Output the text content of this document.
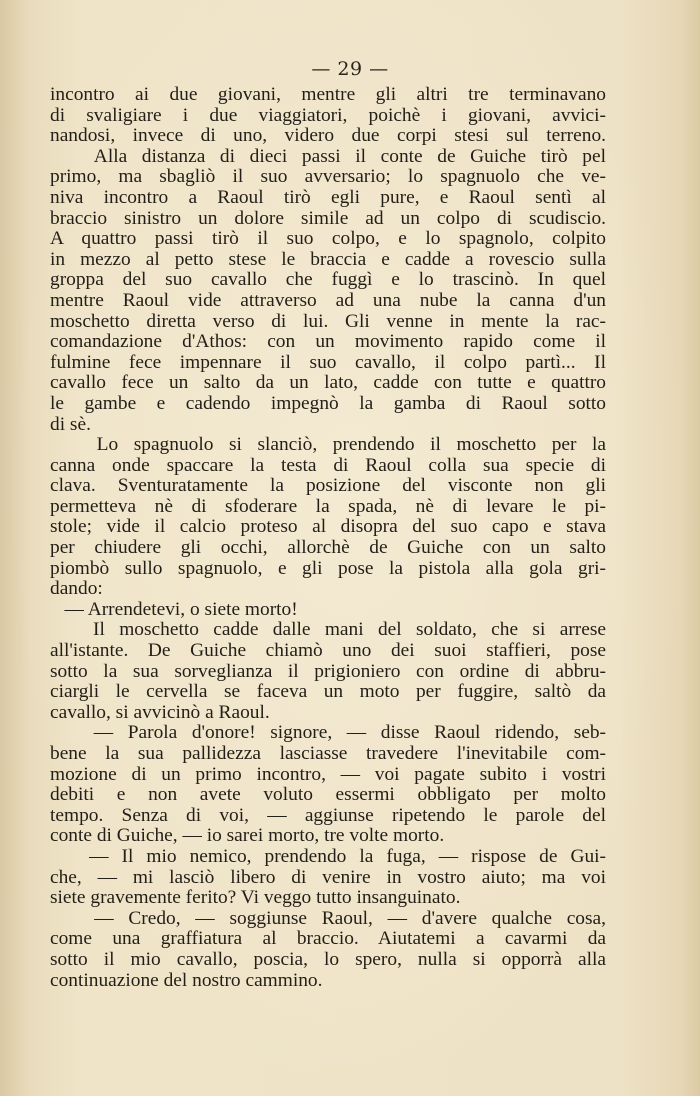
— 29 —

incontro ai due giovani, mentre gli altri tre terminavano

di svaligiare i due viaggiatori, poichè i giovani, avvici-

nandosi, invece di uno, videro due corpi stesi sul terreno.

Alla distanza di dieci passi il conte de Guiche tirò pel

primo, ma sbagliò il suo avversario; lo spagnuolo che ve-

niva incontro a Raoul tirò egli pure, e Raoul sentì al

braccio sinistro un dolore simile ad un colpo di scudiscio.

A quattro passi tirò il suo colpo, e lo spagnolo, colpito

in mezzo al petto stese le braccia e cadde a rovescio sulla

groppa del suo cavallo che fuggì e lo trascinò. In quel

mentre Raoul vide attraverso ad una nube la canna d'un

moschetto diretta verso di lui. Gli venne in mente la rac-

comandazione d'Athos: con un movimento rapido come il

fulmine fece impennare il suo cavallo, il colpo partì... Il

cavallo fece un salto da un lato, cadde con tutte e quattro

le gambe e cadendo impegnò la gamba di Raoul sotto

di sè.

Lo spagnuolo si slanciò, prendendo il moschetto per la

canna onde spaccare la testa di Raoul colla sua specie di

clava. Sventuratamente la posizione del visconte non gli

permetteva nè di sfoderare la spada, nè di levare le pi-

stole; vide il calcio proteso al disopra del suo capo e stava

per chiudere gli occhi, allorchè de Guiche con un salto

piombò sullo spagnuolo, e gli pose la pistola alla gola gri-

dando:

— Arrendetevi, o siete morto!

Il moschetto cadde dalle mani del soldato, che si arrese

all'istante. De Guiche chiamò uno dei suoi staffieri, pose

sotto la sua sorveglianza il prigioniero con ordine di abbru-

ciargli le cervella se faceva un moto per fuggire, saltò da

cavallo, si avvicinò a Raoul.

— Parola d'onore! signore, — disse Raoul ridendo, seb-

bene la sua pallidezza lasciasse travedere l'inevitabile com-

mozione di un primo incontro, — voi pagate subito i vostri

debiti e non avete voluto essermi obbligato per molto

tempo. Senza di voi, — aggiunse ripetendo le parole del

conte di Guiche, — io sarei morto, tre volte morto.

— Il mio nemico, prendendo la fuga, — rispose de Gui-

che, — mi lasciò libero di venire in vostro aiuto; ma voi

siete gravemente ferito? Vi veggo tutto insanguinato.

— Credo, — soggiunse Raoul, — d'avere qualche cosa,

come una graffiatura al braccio. Aiutatemi a cavarmi da

sotto il mio cavallo, poscia, lo spero, nulla si opporrà alla

continuazione del nostro cammino.
